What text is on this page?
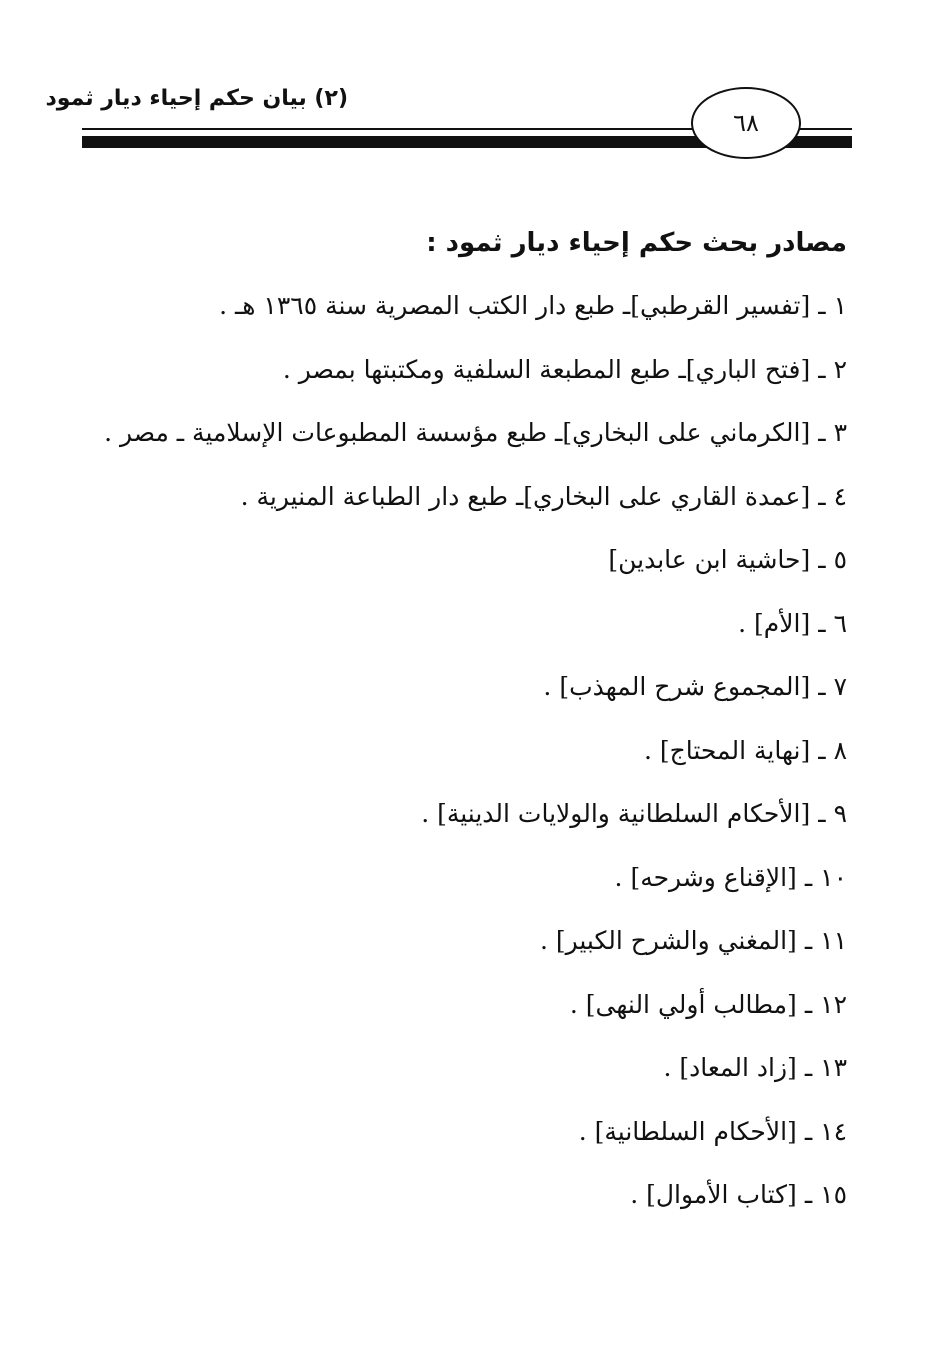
(٢) بيان حكم إحياء ديار ثمود
٦٨
مصادر بحث حكم إحياء ديار ثمود :
١ـ[تفسير القرطبي]ـ طبع دار الكتب المصرية سنة ١٣٦٥ هـ .
٢ـ[فتح الباري]ـ طبع المطبعة السلفية ومكتبتها بمصر .
٣ـ[الكرماني على البخاري]ـ طبع مؤسسة المطبوعات الإسلامية ـ مصر .
٤ـ[عمدة القاري على البخاري]ـ طبع دار الطباعة المنيرية .
٥ـ[حاشية ابن عابدين]
٦ـ[الأم] .
٧ـ[المجموع شرح المهذب] .
٨ـ[نهاية المحتاج] .
٩ـ[الأحكام السلطانية والولايات الدينية] .
١٠ـ[الإقناع وشرحه] .
١١ـ[المغني والشرح الكبير] .
١٢ـ[مطالب أولي النهى] .
١٣ـ[زاد المعاد] .
١٤ـ[الأحكام السلطانية] .
١٥ـ[كتاب الأموال] .
